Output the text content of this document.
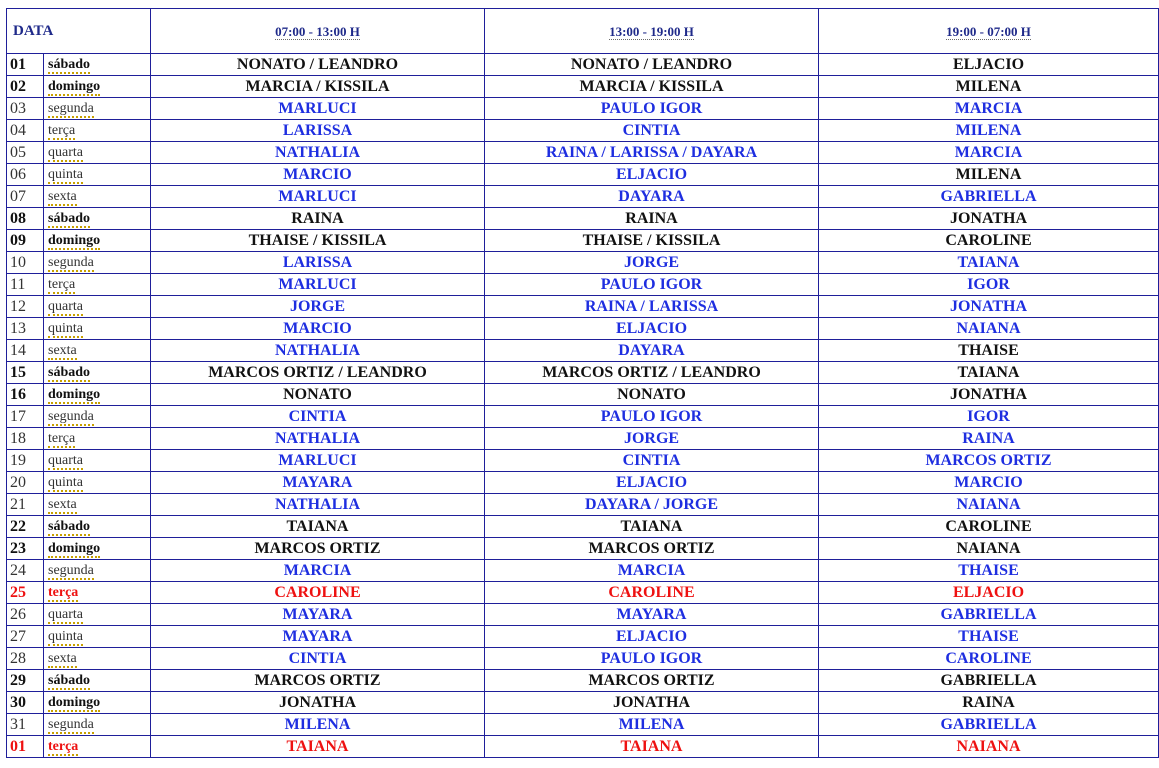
DATA		07:00 - 13:00 H	13:00 - 19:00 H	19:00 - 07:00 H
01	sábado	NONATO / LEANDRO	NONATO / LEANDRO	ELJACIO
02	domingo	MARCIA / KISSILA	MARCIA / KISSILA	MILENA
03	segunda	MARLUCI	PAULO IGOR	MARCIA
04	terça	LARISSA	CINTIA	MILENA
05	quarta	NATHALIA	RAINA / LARISSA / DAYARA	MARCIA
06	quinta	MARCIO	ELJACIO	MILENA
07	sexta	MARLUCI	DAYARA	GABRIELLA
08	sábado	RAINA	RAINA	JONATHA
09	domingo	THAISE / KISSILA	THAISE / KISSILA	CAROLINE
10	segunda	LARISSA	JORGE	TAIANA
11	terça	MARLUCI	PAULO IGOR	IGOR
12	quarta	JORGE	RAINA / LARISSA	JONATHA
13	quinta	MARCIO	ELJACIO	NAIANA
14	sexta	NATHALIA	DAYARA	THAISE
15	sábado	MARCOS ORTIZ / LEANDRO	MARCOS ORTIZ / LEANDRO	TAIANA
16	domingo	NONATO	NONATO	JONATHA
17	segunda	CINTIA	PAULO IGOR	IGOR
18	terça	NATHALIA	JORGE	RAINA
19	quarta	MARLUCI	CINTIA	MARCOS ORTIZ
20	quinta	MAYARA	ELJACIO	MARCIO
21	sexta	NATHALIA	DAYARA / JORGE	NAIANA
22	sábado	TAIANA	TAIANA	CAROLINE
23	domingo	MARCOS ORTIZ	MARCOS ORTIZ	NAIANA
24	segunda	MARCIA	MARCIA	THAISE
25	terça	CAROLINE	CAROLINE	ELJACIO
26	quarta	MAYARA	MAYARA	GABRIELLA
27	quinta	MAYARA	ELJACIO	THAISE
28	sexta	CINTIA	PAULO IGOR	CAROLINE
29	sábado	MARCOS ORTIZ	MARCOS ORTIZ	GABRIELLA
30	domingo	JONATHA	JONATHA	RAINA
31	segunda	MILENA	MILENA	GABRIELLA
01	terça	TAIANA	TAIANA	NAIANA
